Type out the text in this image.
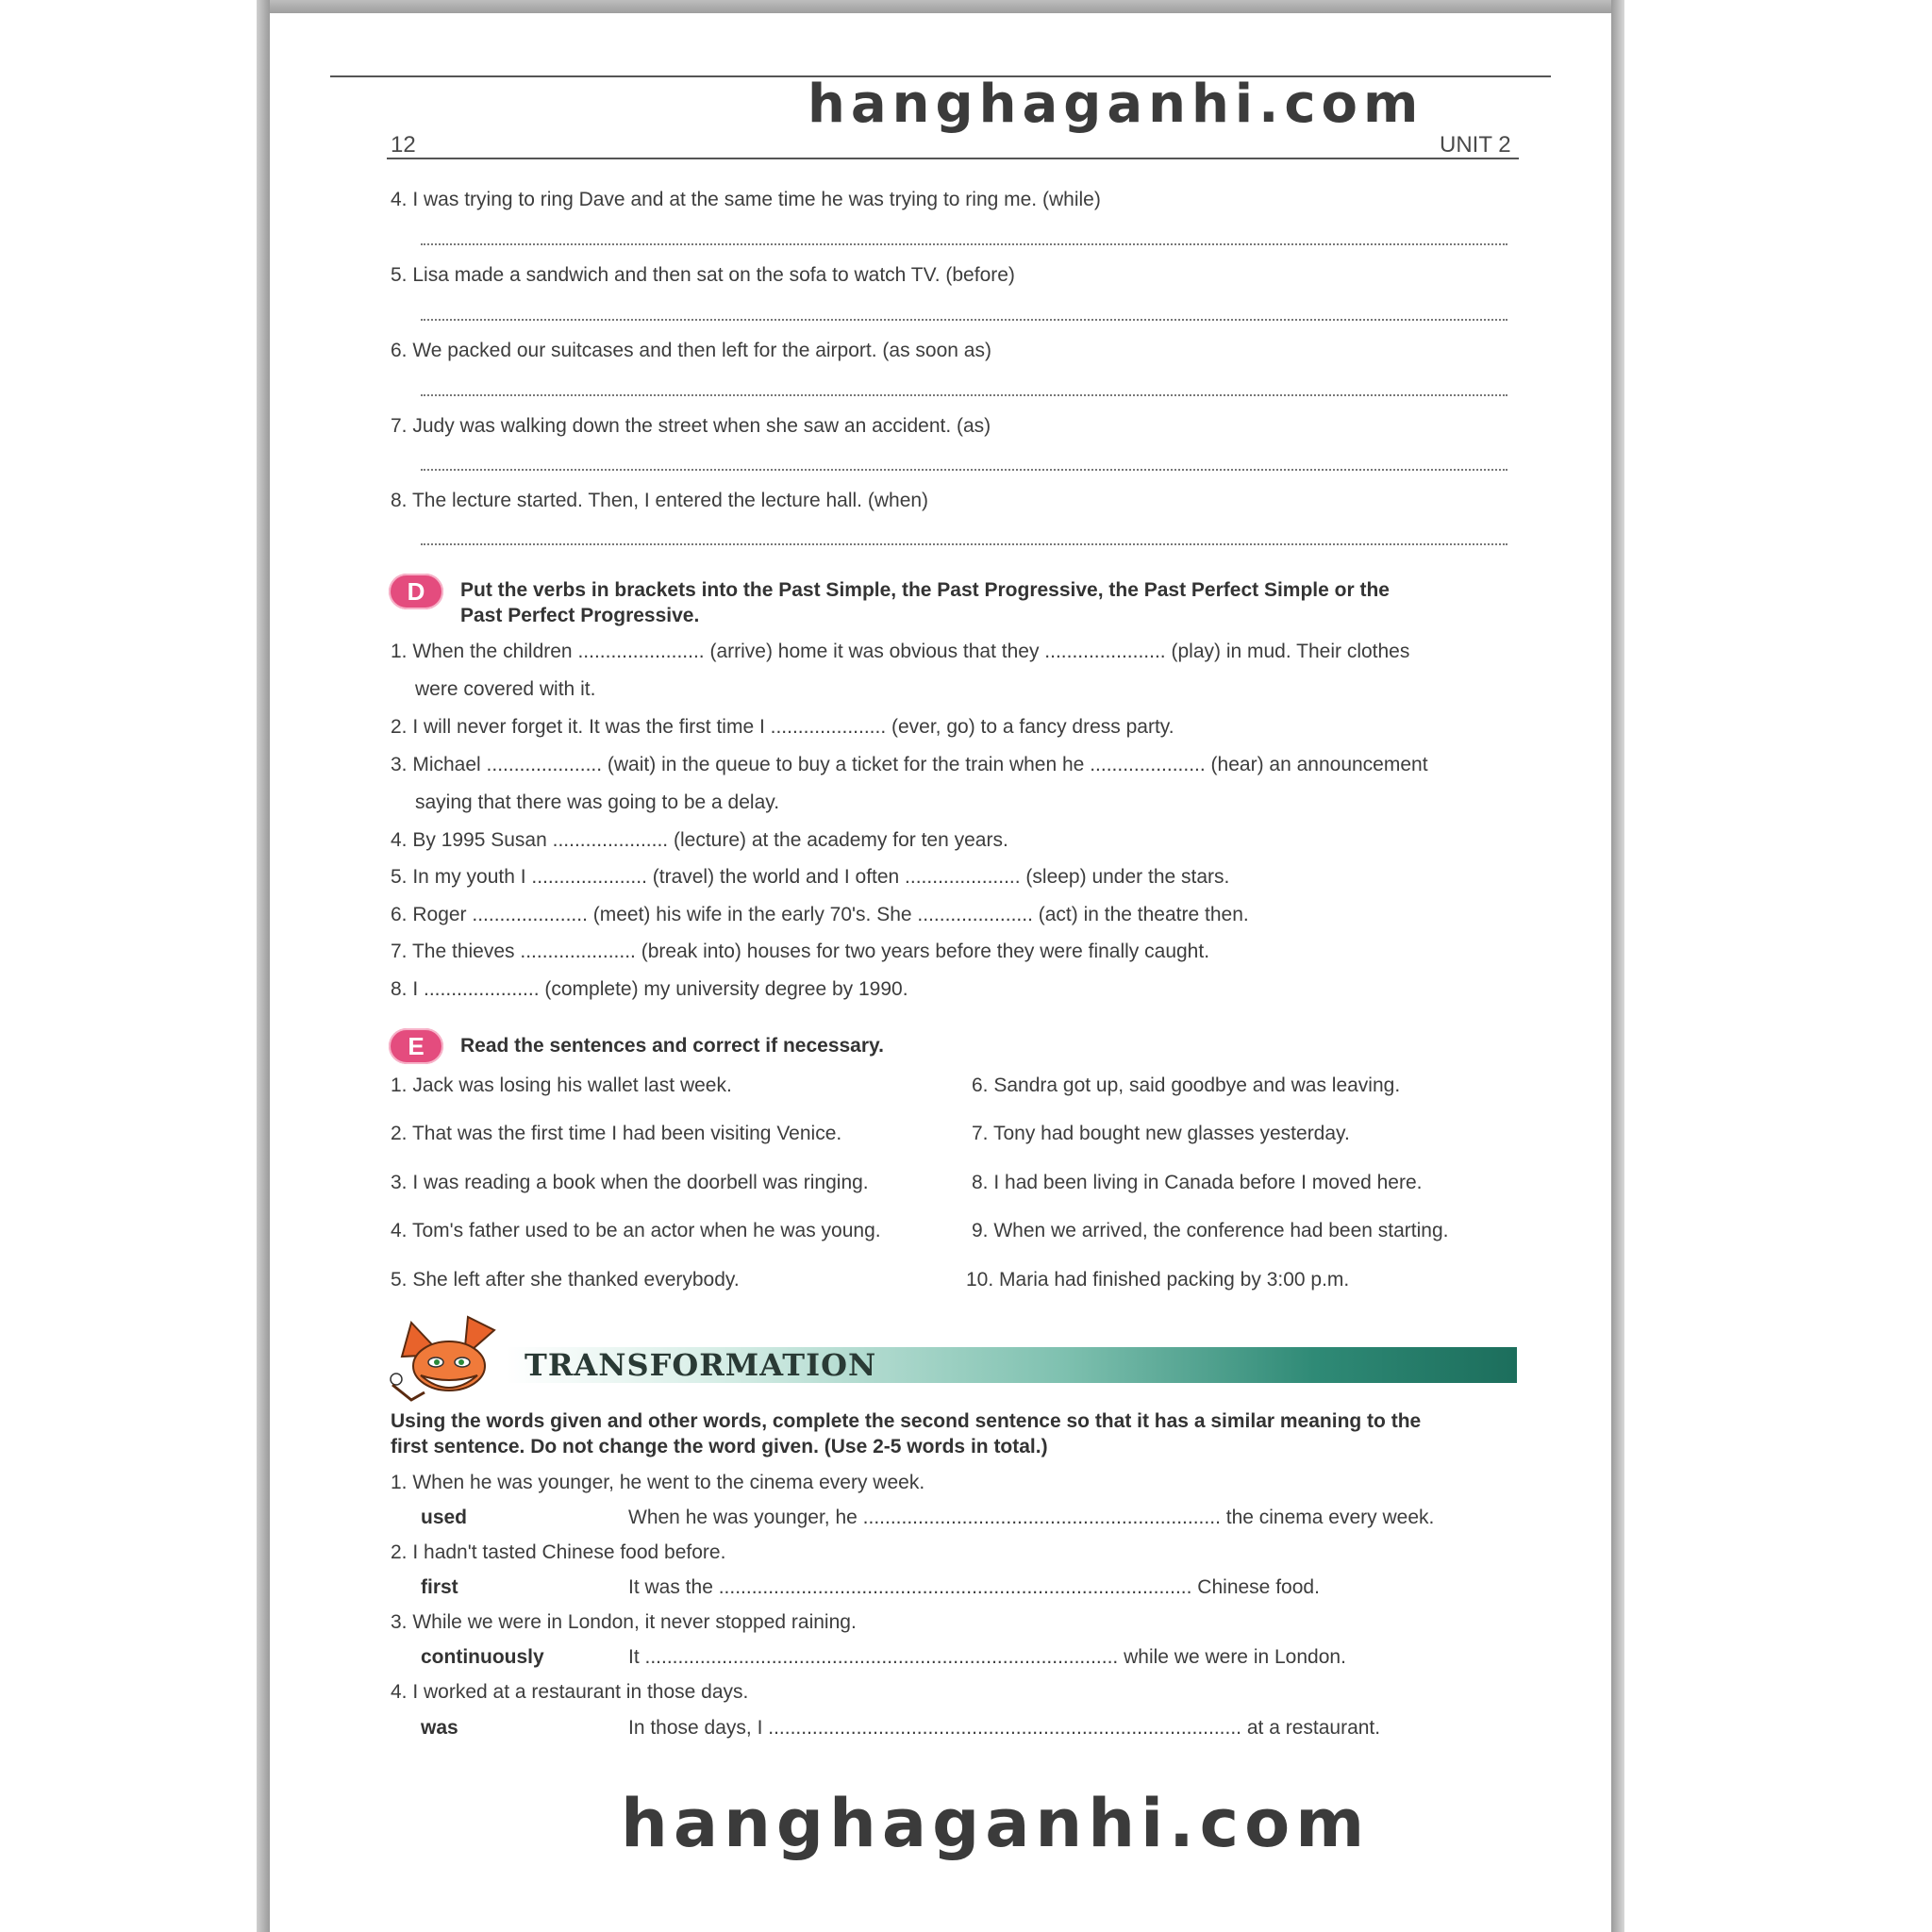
hanghaganhi.com
12	UNIT 2
4. I was trying to ring Dave and at the same time he was trying to ring me. (while)
5. Lisa made a sandwich and then sat on the sofa to watch TV. (before)
6. We packed our suitcases and then left for the airport. (as soon as)
7. Judy was walking down the street when she saw an accident. (as)
8. The lecture started. Then, I entered the lecture hall. (when)
D	Put the verbs in brackets into the Past Simple, the Past Progressive, the Past Perfect Simple or the
Past Perfect Progressive.
1. When the children ....................... (arrive) home it was obvious that they ...................... (play) in mud. Their clothes
were covered with it.
2. I will never forget it. It was the first time I ..................... (ever, go) to a fancy dress party.
3. Michael ..................... (wait) in the queue to buy a ticket for the train when he ..................... (hear) an announcement
saying that there was going to be a delay.
4. By 1995 Susan ..................... (lecture) at the academy for ten years.
5. In my youth I ..................... (travel) the world and I often ..................... (sleep) under the stars.
6. Roger ..................... (meet) his wife in the early 70's. She ..................... (act) in the theatre then.
7. The thieves ..................... (break into) houses for two years before they were finally caught.
8. I ..................... (complete) my university degree by 1990.
E	Read the sentences and correct if necessary.
1. Jack was losing his wallet last week.
2. That was the first time I had been visiting Venice.
3. I was reading a book when the doorbell was ringing.
4. Tom's father used to be an actor when he was young.
5. She left after she thanked everybody.
6. Sandra got up, said goodbye and was leaving.
7. Tony had bought new glasses yesterday.
8. I had been living in Canada before I moved here.
9. When we arrived, the conference had been starting.
10. Maria had finished packing by 3:00 p.m.
TRANSFORMATION
Using the words given and other words, complete the second sentence so that it has a similar meaning to the
first sentence. Do not change the word given. (Use 2-5 words in total.)
1. When he was younger, he went to the cinema every week.
used	When he was younger, he ................................................................. the cinema every week.
2. I hadn't tasted Chinese food before.
first	It was the ...................................................................................... Chinese food.
3. While we were in London, it never stopped raining.
continuously	It ...................................................................................... while we were in London.
4. I worked at a restaurant in those days.
was	In those days, I ...................................................................................... at a restaurant.
hanghaganhi.com
